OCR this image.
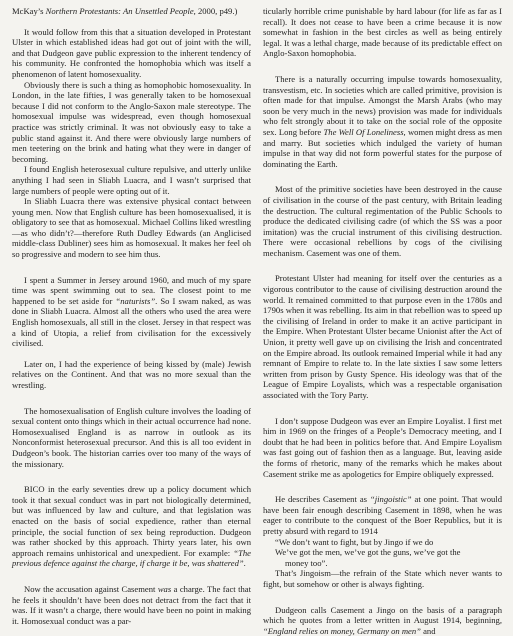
McKay’s Northern Protestants: An Unsettled People, 2000, p49.)

It would follow from this that a situation developed in Protestant Ulster in which established ideas had got out of joint with the will, and that Dudgeon gave public expression to the inherent tendency of his community. He confronted the homophobia which was itself a phenomenon of latent homosexuality.

Obviously there is such a thing as homophobic homosexuality. In London, in the late fifties, I was generally taken to be homosexual because I did not conform to the Anglo-Saxon male stereotype. The homosexual impulse was widespread, even though homosexual practice was strictly criminal. It was not obviously easy to take a public stand against it. And there were obviously large numbers of men teetering on the brink and hating what they were in danger of becoming.

I found English heterosexual culture repulsive, and utterly unlike anything I had seen in Sliabh Luacra, and I wasn’t surprised that large numbers of people were opting out of it.

In Sliabh Luacra there was extensive physical contact between young men. Now that English culture has been homosexualised, it is obligatory to see that as homosexual. Michael Collins liked wrestling—as who didn’t?—therefore Ruth Dudley Edwards (an Anglicised middle-class Dubliner) sees him as homosexual. It makes her feel oh so progressive and modern to see him thus.

I spent a Summer in Jersey around 1960, and much of my spare time was spent swimming out to sea. The closest point to me happened to be set aside for “naturists”. So I swam naked, as was done in Sliabh Luacra. Almost all the others who used the area were English homosexuals, all still in the closet. Jersey in that respect was a kind of Utopia, a relief from civilisation for the excessively civilised.

Later on, I had the experience of being kissed by (male) Jewish relatives on the Continent. And that was no more sexual than the wrestling.

The homosexualisation of English culture involves the loading of sexual content onto things which in their actual occurrence had none. Homosexualised England is as narrow in outlook as its Nonconformist heterosexual precursor. And this is all too evident in Dudgeon’s book. The historian carries over too many of the ways of the missionary.

BICO in the early seventies drew up a policy document which took it that sexual conduct was in part not biologically determined, but was influenced by law and culture, and that legislation was enacted on the basis of social expedience, rather than eternal principle, the social function of sex being reproduction. Dudgeon was rather shocked by this approach. Thirty years later, his own approach remains unhistorical and unexpedient. For example: “The previous defence against the charge, if charge it be, was shattered”.

Now the accusation against Casement was a charge. The fact that he feels it shouldn’t have been does not detract from the fact that it was. If it wasn’t a charge, there would have been no point in making it. Homosexual conduct was a par-

ticularly horrible crime punishable by hard labour (for life as far as I recall). It does not cease to have been a crime because it is now somewhat in fashion in the best circles as well as being entirely legal. It was a lethal charge, made because of its predictable effect on Anglo-Saxon homophobia.

There is a naturally occurring impulse towards homosexuality, transvestism, etc. In societies which are called primitive, provision is often made for that impulse. Amongst the Marsh Arabs (who may soon be very much in the news) provision was made for individuals who felt strongly about it to take on the social role of the opposite sex. Long before The Well Of Loneliness, women might dress as men and marry. But societies which indulged the variety of human impulse in that way did not form powerful states for the purpose of dominating the Earth.

Most of the primitive societies have been destroyed in the cause of civilisation in the course of the past century, with Britain leading the destruction. The cultural regimentation of the Public Schools to produce the dedicated civilising cadre (of which the SS was a poor imitation) was the crucial instrument of this civilising destruction. There were occasional rebellions by cogs of the civilising mechanism. Casement was one of them.

Protestant Ulster had meaning for itself over the centuries as a vigorous contributor to the cause of civilising destruction around the world. It remained committed to that purpose even in the 1780s and 1790s when it was rebelling. Its aim in that rebellion was to speed up the civilising of Ireland in order to make it an active participant in the Empire. When Protestant Ulster became Unionist after the Act of Union, it pretty well gave up on civilising the Irish and concentrated on the Empire abroad. Its outlook remained Imperial while it had any remnant of Empire to relate to. In the late sixties I saw some letters written from prison by Gusty Spence. His ideology was that of the League of Empire Loyalists, which was a respectable organisation associated with the Tory Party.

I don’t suppose Dudgeon was ever an Empire Loyalist. I first met him in 1969 on the fringes of a People’s Democracy meeting, and I doubt that he had been in politics before that. And Empire Loyalism was fast going out of fashion then as a language. But, leaving aside the forms of rhetoric, many of the remarks which he makes about Casement strike me as apologetics for Empire obliquely expressed.

He describes Casement as “jingoistic” at one point. That would have been fair enough describing Casement in 1898, when he was eager to contribute to the conquest of the Boer Republics, but it is pretty absurd with regard to 1914

“We don’t want to fight, but by Jingo if we do

We’ve got the men, we’ve got the guns, we’ve got the

money too”.

That’s Jingoism—the refrain of the State which never wants to fight, but somehow or other is always fighting.

Dudgeon calls Casement a Jingo on the basis of a paragraph which he quotes from a letter written in August 1914, beginning, “England relies on money, Germany on men” and
